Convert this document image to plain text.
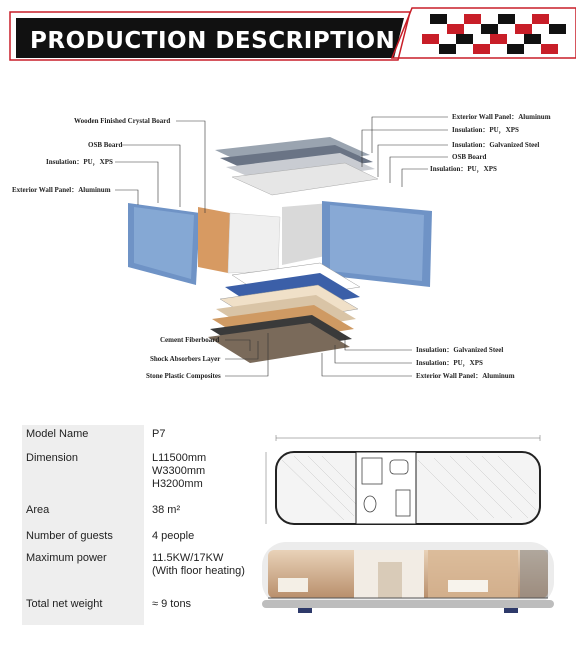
PRODUCTION DESCRIPTION
Wooden Finished Crystal Board
OSB Board
Insulation：PU，XPS
Exterior Wall Panel：Aluminum
Exterior Wall Panel：Aluminum
Insulation：PU，XPS
Insulation：Galvanized Steel
OSB Board
Insulation：PU，XPS
Cement Fiberboard
Shock Absorbers Layer
Stone Plastic Composites
Insulation：Galvanized Steel
Insulation：PU，XPS
Exterior Wall Panel：Aluminum
Model Name	P7
Dimension	L11500mm
W3300mm
H3200mm
Area	38 m²
Number of guests	4 people
Maximum power	11.5KW/17KW
(With floor heating)
Total net weight	≈ 9 tons
